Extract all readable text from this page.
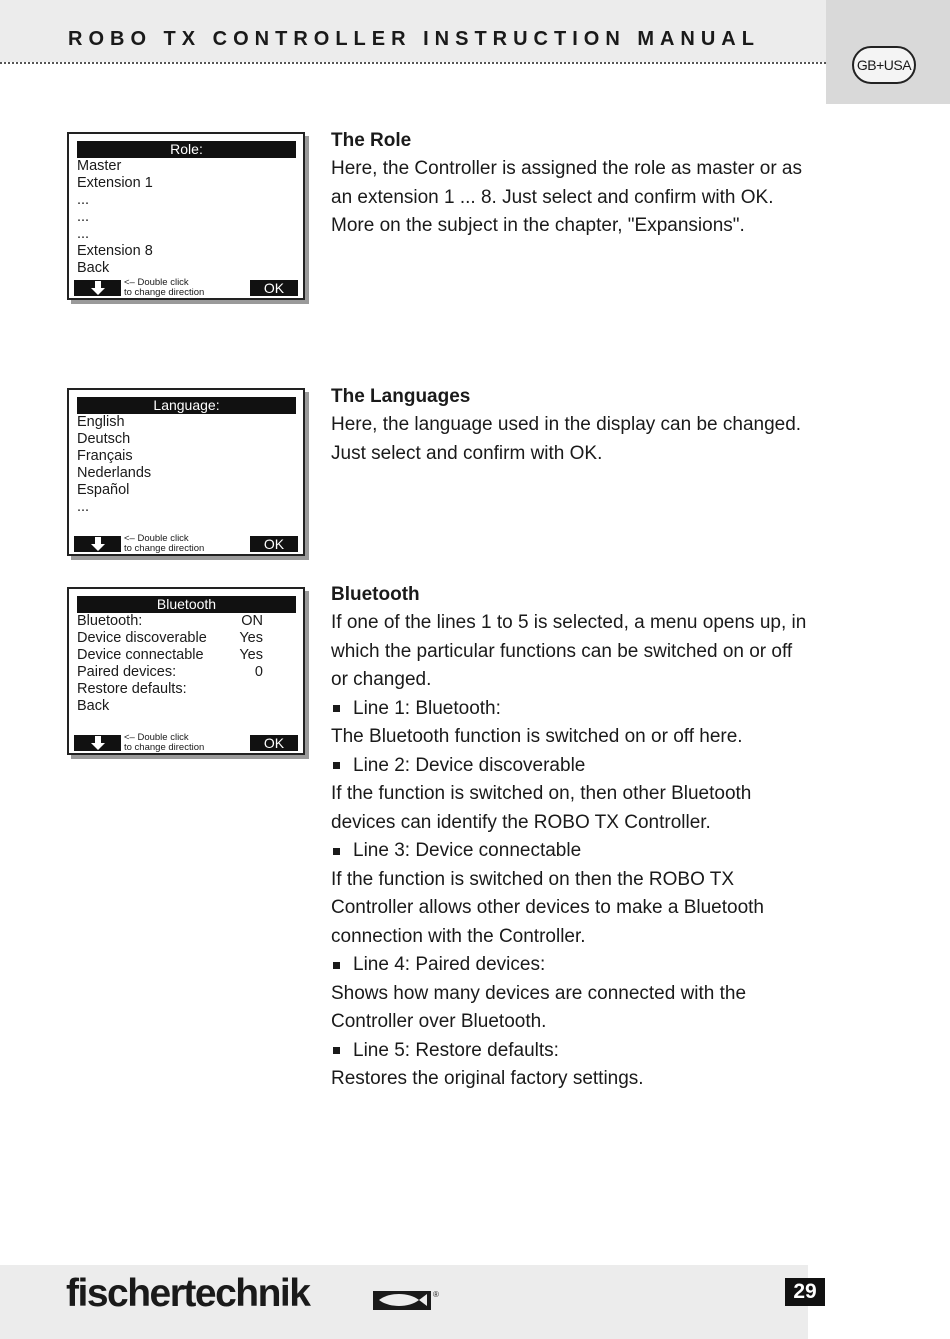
ROBO TX CONTROLLER INSTRUCTION MANUAL
GB+USA
Role:
Master
Extension 1
...
...
...
Extension 8
Back
<– Double click
to change direction	OK

The Role

Here, the Controller is assigned the role as master or as an extension 1 ... 8. Just select and confirm with OK. More on the subject in the chapter, "Expansions".

Language:
English
Deutsch
Français
Nederlands
Español
...
<– Double click
to change direction	OK

The Languages

Here, the language used in the display can be changed. Just select and confirm with OK.

Bluetooth
Bluetooth:	ON
Device discoverable Yes
Device connectable Yes
Paired devices:	0
Restore defaults:
Back
<– Double click
to change direction	OK

Bluetooth

If one of the lines 1 to 5 is selected, a menu opens up, in which the particular functions can be switched on or off or changed.

Line 1: Bluetooth:

The Bluetooth function is switched on or off here.

Line 2: Device discoverable

If the function is switched on, then other Bluetooth devices can identify the ROBO TX Controller.

Line 3: Device connectable

If the function is switched on then the ROBO TX Controller allows other devices to make a Bluetooth connection with the Controller.

Line 4: Paired devices:

Shows how many devices are connected with the Controller over Bluetooth.

Line 5: Restore defaults:

Restores the original factory settings.

fischertechnik	®	29
